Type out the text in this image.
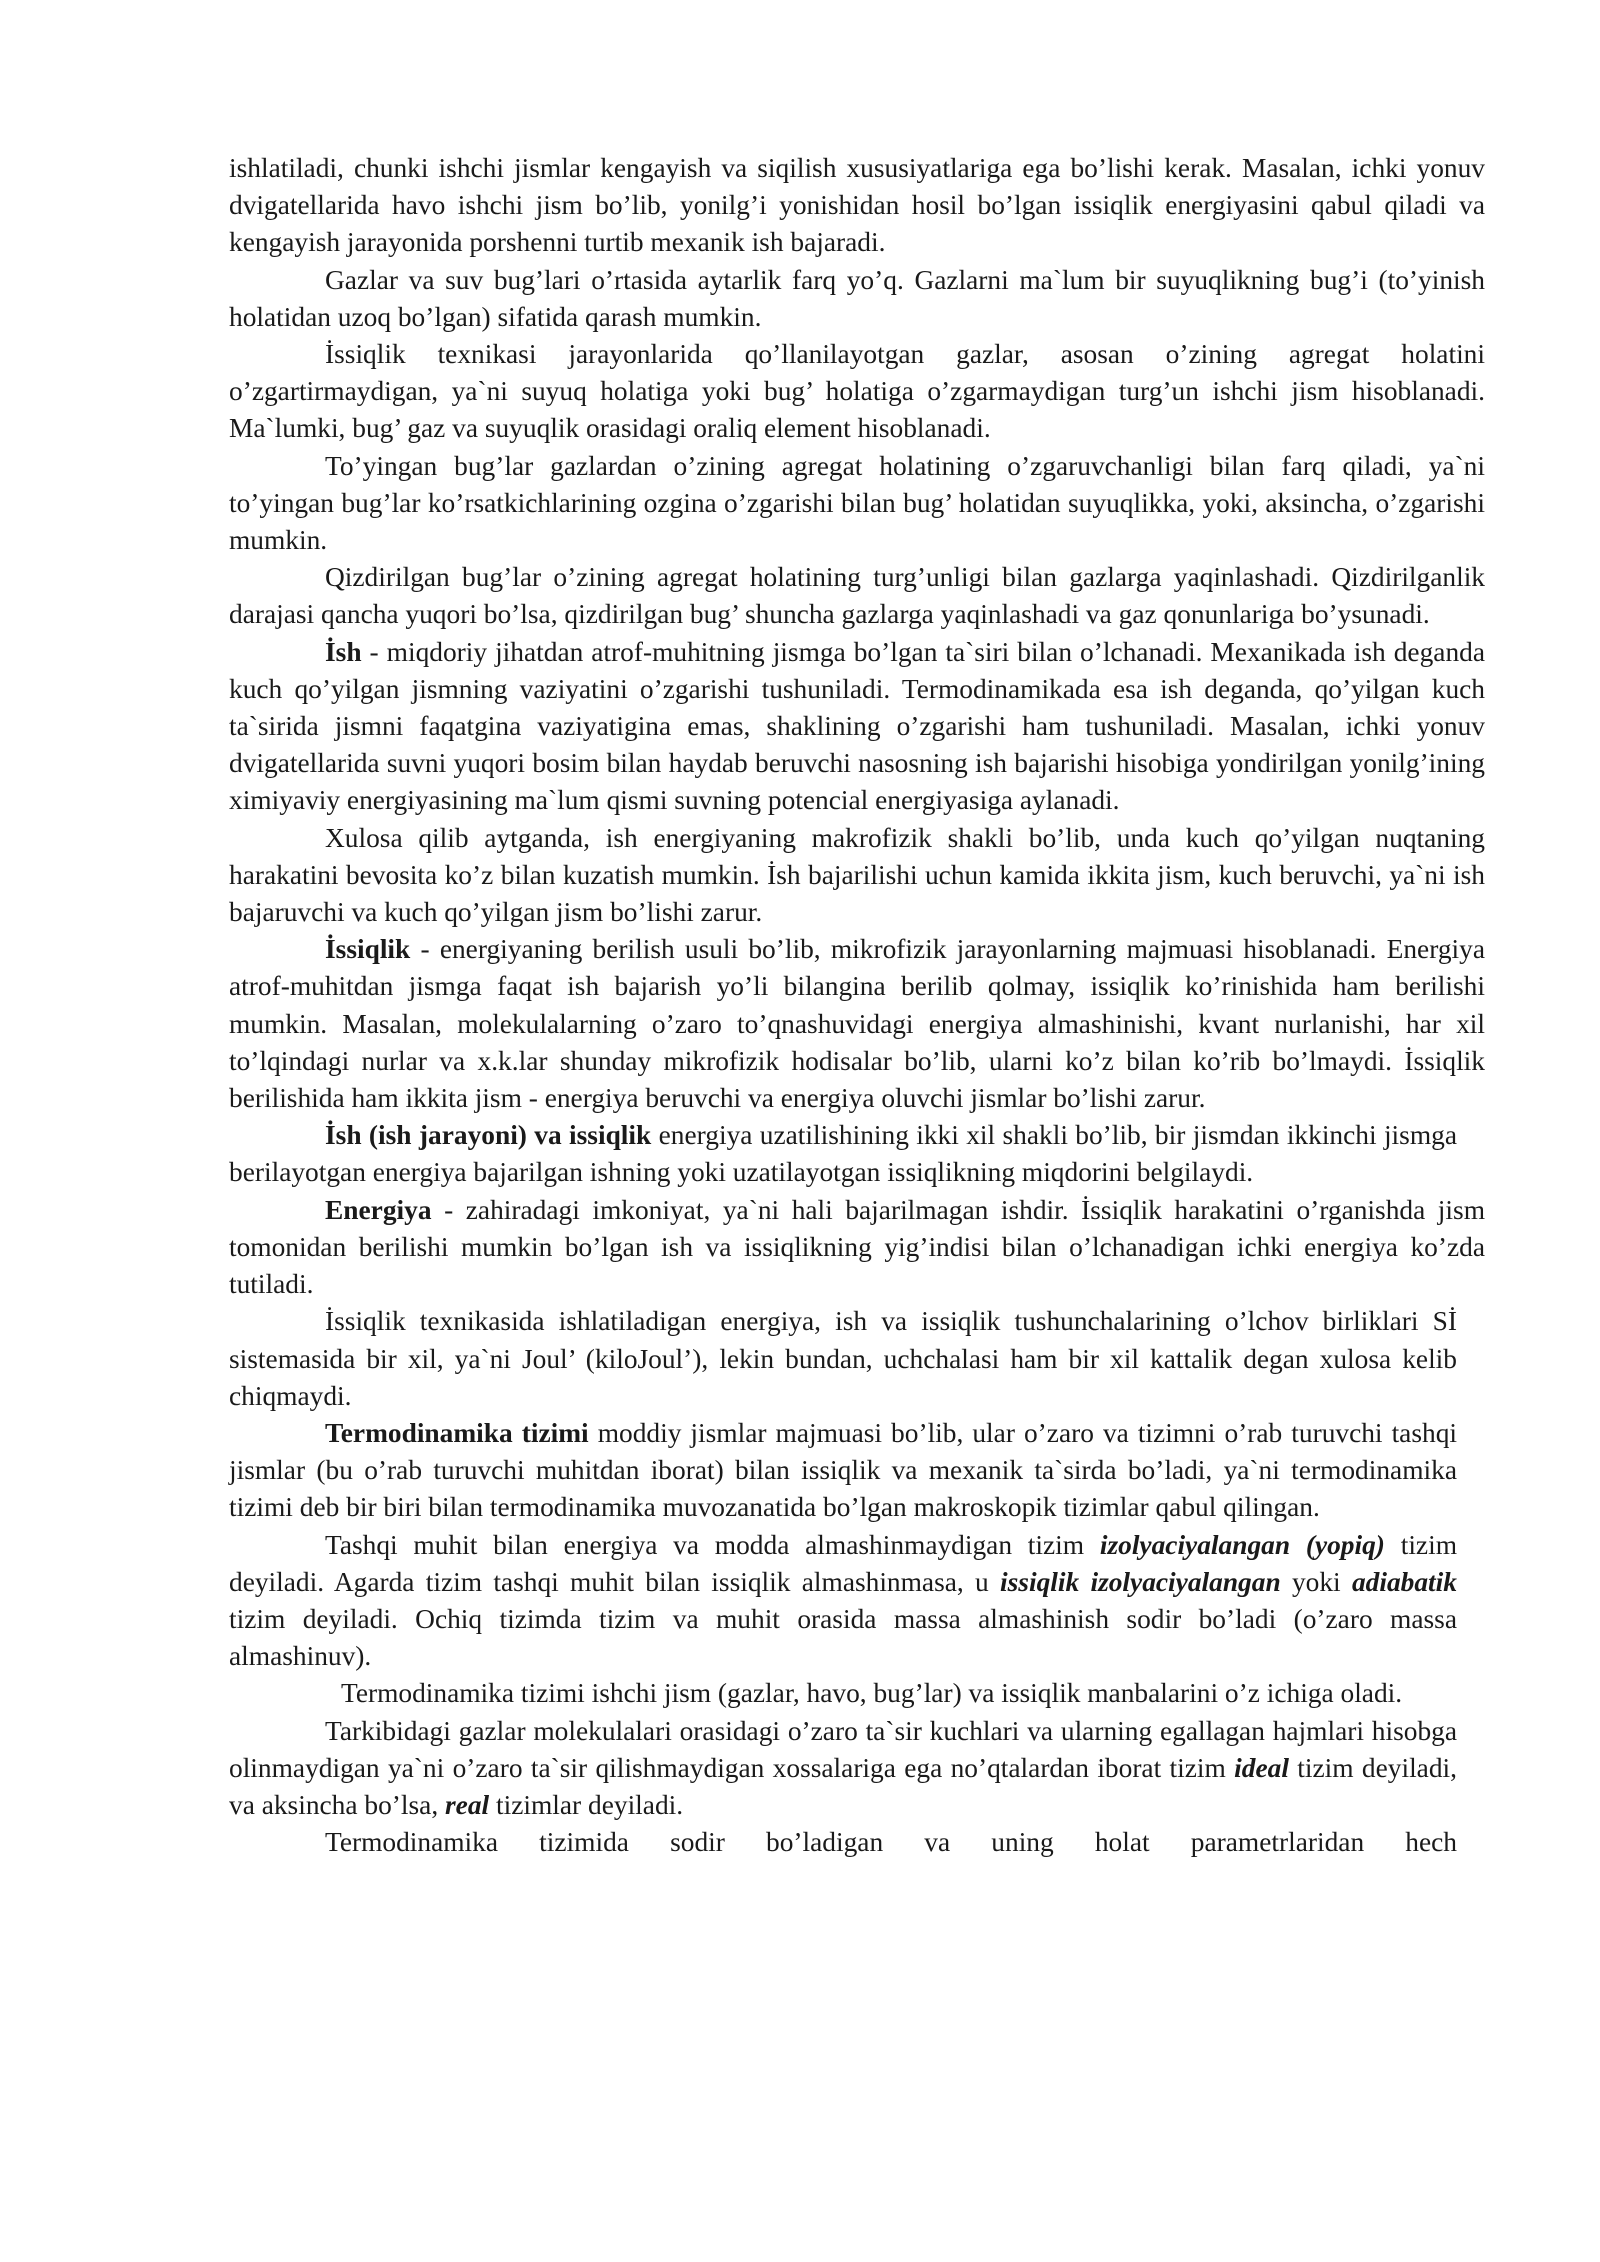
ishlatiladi, chunki ishchi jismlar kengayish va siqilish xususiyatlariga ega bo’lishi kerak. Masalan, ichki yonuv dvigatellarida havo ishchi jism bo’lib, yonilg’i yonishidan hosil bo’lgan issiqlik energiyasini qabul qiladi va kengayish jarayonida porshenni turtib mexanik ish bajaradi.

Gazlar va suv bug’lari o’rtasida aytarlik farq yo’q. Gazlarni ma`lum bir suyuqlikning bug’i (to’yinish holatidan uzoq bo’lgan) sifatida qarash mumkin.

İssiqlik texnikasi jarayonlarida qo’llanilayotgan gazlar, asosan o’zining agregat holatini o’zgartirmaydigan, ya`ni suyuq holatiga yoki bug’ holatiga o’zgarmaydigan turg’un ishchi jism hisoblanadi. Ma`lumki, bug’ gaz va suyuqlik orasidagi oraliq element hisoblanadi.

To’yingan bug’lar gazlardan o’zining agregat holatining o’zgaruvchanligi bilan farq qiladi, ya`ni to’yingan bug’lar ko’rsatkichlarining ozgina o’zgarishi bilan bug’ holatidan suyuqlikka, yoki, aksincha, o’zgarishi mumkin.

Qizdirilgan bug’lar o’zining agregat holatining turg’unligi bilan gazlarga yaqinlashadi. Qizdirilganlik darajasi qancha yuqori bo’lsa, qizdirilgan bug’ shuncha gazlarga yaqinlashadi va gaz qonunlariga bo’ysunadi.

İsh - miqdoriy jihatdan atrof-muhitning jismga bo’lgan ta`siri bilan o’lchanadi. Mexanikada ish deganda kuch qo’yilgan jismning vaziyatini o’zgarishi tushuniladi. Termodinamikada esa ish deganda, qo’yilgan kuch ta`sirida jismni faqatgina vaziyatigina emas, shaklining o’zgarishi ham tushuniladi. Masalan, ichki yonuv dvigatellarida suvni yuqori bosim bilan haydab beruvchi nasosning ish bajarishi hisobiga yondirilgan yonilg’ining ximiyaviy energiyasining ma`lum qismi suvning potencial energiyasiga aylanadi.

Xulosa qilib aytganda, ish energiyaning makrofizik shakli bo’lib, unda kuch qo’yilgan nuqtaning harakatini bevosita ko’z bilan kuzatish mumkin. İsh bajarilishi uchun kamida ikkita jism, kuch beruvchi, ya`ni ish bajaruvchi va kuch qo’yilgan jism bo’lishi zarur.

İssiqlik - energiyaning berilish usuli bo’lib, mikrofizik jarayonlarning majmuasi hisoblanadi. Energiya atrof-muhitdan jismga faqat ish bajarish yo’li bilangina berilib qolmay, issiqlik ko’rinishida ham berilishi mumkin. Masalan, molekulalarning o’zaro to’qnashuvidagi energiya almashinishi, kvant nurlanishi, har xil to’lqindagi nurlar va x.k.lar shunday mikrofizik hodisalar bo’lib, ularni ko’z bilan ko’rib bo’lmaydi. İssiqlik berilishida ham ikkita jism - energiya beruvchi va energiya oluvchi jismlar bo’lishi zarur.

İsh (ish jarayoni) va issiqlik energiya uzatilishining ikki xil shakli bo’lib, bir jismdan ikkinchi jismga berilayotgan energiya bajarilgan ishning yoki uzatilayotgan issiqlikning miqdorini belgilaydi.

Energiya - zahiradagi imkoniyat, ya`ni hali bajarilmagan ishdir. İssiqlik harakatini o’rganishda jism tomonidan berilishi mumkin bo’lgan ish va issiqlikning yig’indisi bilan o’lchanadigan ichki energiya ko’zda tutiladi.

İssiqlik texnikasida ishlatiladigan energiya, ish va issiqlik tushunchalarining o’lchov birliklari Sİ sistemasida bir xil, ya`ni Joul’ (kiloJoul’), lekin bundan, uchchalasi ham bir xil kattalik degan xulosa kelib chiqmaydi.

Termodinamika tizimi moddiy jismlar majmuasi bo’lib, ular o’zaro va tizimni o’rab turuvchi tashqi jismlar (bu o’rab turuvchi muhitdan iborat) bilan issiqlik va mexanik ta`sirda bo’ladi, ya`ni termodinamika tizimi deb bir biri bilan termodinamika muvozanatida bo’lgan makroskopik tizimlar qabul qilingan.

Tashqi muhit bilan energiya va modda almashinmaydigan tizim izolyaciyalangan (yopiq) tizim deyiladi. Agarda tizim tashqi muhit bilan issiqlik almashinmasa, u issiqlik izolyaciyalangan yoki adiabatik tizim deyiladi. Ochiq tizimda tizim va muhit orasida massa almashinish sodir bo’ladi (o’zaro massa almashinuv).

Termodinamika tizimi ishchi jism (gazlar, havo, bug’lar) va issiqlik manbalarini o’z ichiga oladi.

Tarkibidagi gazlar molekulalari orasidagi o’zaro ta`sir kuchlari va ularning egallagan hajmlari hisobga olinmaydigan ya`ni o’zaro ta`sir qilishmaydigan xossalariga ega no’qtalardan iborat tizim ideal tizim deyiladi, va aksincha bo’lsa, real tizimlar deyiladi.

Termodinamika tizimida sodir bo’ladigan va uning holat parametrlaridan hech
